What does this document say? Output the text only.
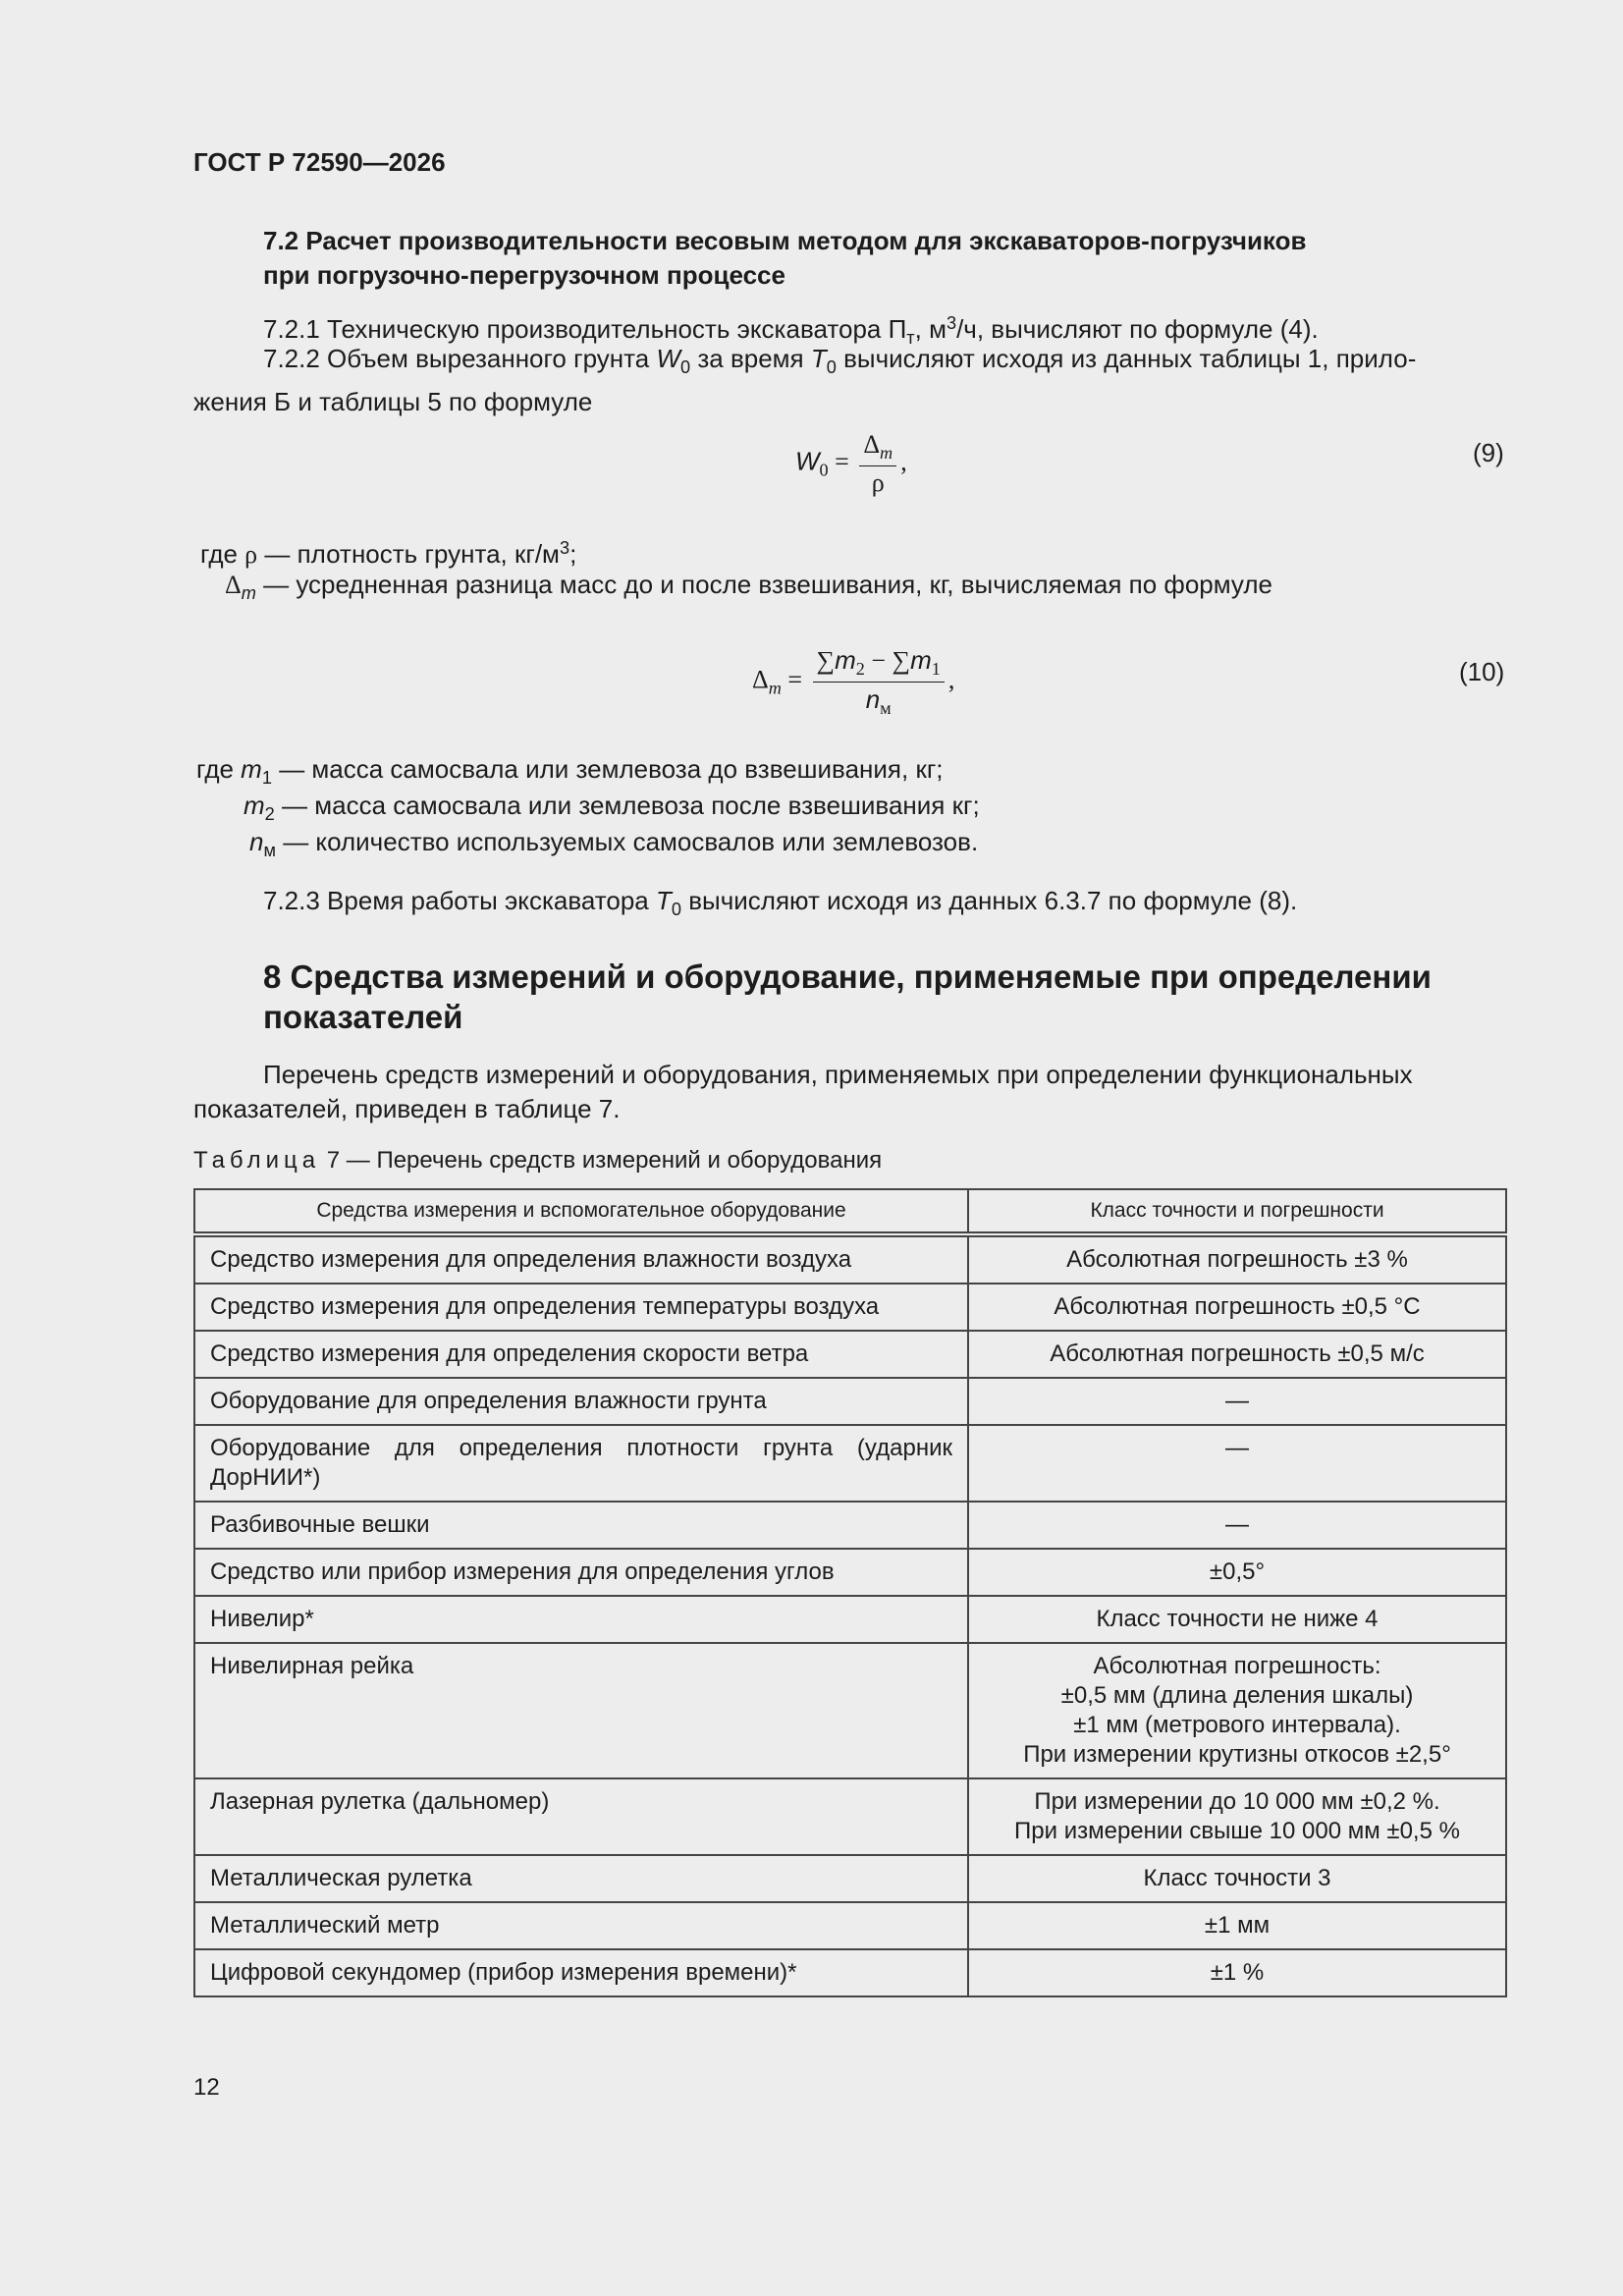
ГОСТ Р 72590—2026
7.2 Расчет производительности весовым методом для экскаваторов-погрузчиков
при погрузочно-перегрузочном процессе
7.2.1 Техническую производительность экскаватора $П_т$, $м^3/ч$, вычисляют по формуле (4).
7.2.2 Объем вырезанного грунта $W_0$ за время $T_0$ вычисляют исходя из данных таблицы 1, прило-
жения Б и таблицы 5 по формуле
$W_0 = \frac{\Delta_m}{\rho}$ ,	(9)
где ρ — плотность грунта, $кг/м^3$;
$\Delta_m$ — усредненная разница масс до и после взвешивания, кг, вычисляемая по формуле
$\Delta_m = \frac{\sum m_2 - \sum m_1}{n_м}$ ,	(10)
где $m_1$ — масса самосвала или землевоза до взвешивания, кг;
$m_2$ — масса самосвала или землевоза после взвешивания кг;
$n_м$ — количество используемых самосвалов или землевозов.
7.2.3 Время работы экскаватора $T_0$ вычисляют исходя из данных 6.3.7 по формуле (8).
8 Средства измерений и оборудование, применяемые при определении
показателей
Перечень средств измерений и оборудования, применяемых при определении функциональных
показателей, приведен в таблице 7.
Таблица 7 — Перечень средств измерений и оборудования
Средства измерения и вспомогательное оборудование	Класс точности и погрешности
Средство измерения для определения влажности воздуха	Абсолютная погрешность ±3 %

Средство измерения для определения температуры воздуха	Абсолютная погрешность ±0,5 °С

Средство измерения для определения скорости ветра	Абсолютная погрешность ±0,5 м/с

Оборудование для определения влажности грунта	—

Оборудование для определения плотности грунта (ударник ДорНИИ*)	—

Разбивочные вешки	—

Средство или прибор измерения для определения углов	±0,5°

Нивелир*	Класс точности не ниже 4

Нивелирная рейка	Абсолютная погрешность:
±0,5 мм (длина деления шкалы)
±1 мм (метрового интервала).
При измерении крутизны откосов ±2,5°

Лазерная рулетка (дальномер)	При измерении до 10 000 мм ±0,2 %.
При измерении свыше 10 000 мм ±0,5 %

Металлическая рулетка	Класс точности 3

Металлический метр	±1 мм

Цифровой секундомер (прибор измерения времени)*	±1 %
12
